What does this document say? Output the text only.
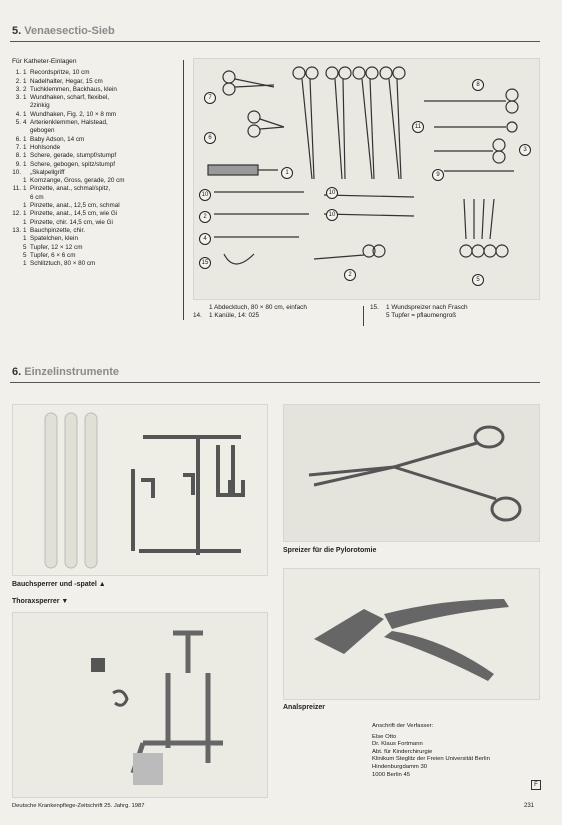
5. Venaesectio-Sieb
Für Katheter-Einlagen
1. 1 Recordspritze, 10 cm
2. 1 Nadelhalter, Hegar, 15 cm
3. 2 Tuchklemmen, Backhaus, klein
3. 1 Wundhaken, scharf, flexibel,
2zinkig
4. 1 Wundhaken, Fig. 2, 10 × 8 mm
5. 4 Arterienklemmen, Halstead,
gebogen
6. 1 Baby Adson, 14 cm
7. 1 Hohlsonde
8. 1 Schere, gerade, stumpf/stumpf
9. 1 Schere, gebogen, spitz/stumpf
10.	„Skalpellgriff
1 Kornzange, Gross, gerade, 20 cm
11. 1 Pinzette, anat., schmal/spitz,
6 cm
1 Pinzette, anat., 12,5 cm, schmal
12. 1 Pinzette, anat., 14,5 cm, wie Gi
1 Pinzette, chir. 14,5 cm, wie Gi
13. 1 Bauchpinzette, chir.
1 Spatelchen, klein
5 Tupfer, 12 × 12 cm
5 Tupfer, 6 × 6 cm
1 Schlitztuch, 80 × 80 cm
7
6
1
10
2
4
15
8
11
3
9
10
10
2
5
1 Abdecktuch, 80 × 80 cm, einfach
14.	1 Kanüle, 14: 025
15.	1 Wundspreizer nach Frasch
5 Tupfer = pflaumengroß
6. Einzelinstrumente
Bauchsperrer und -spatel ▲
Thoraxsperrer ▼
Spreizer für die Pylorotomie
Analspreizer
Anschrift der Verfasser:
Else Otto
Dr. Klaus Fortmann
Abt. für Kinderchirurgie
Klinikum Steglitz der Freien Universität Berlin
Hindenburgdamm 30
1000 Berlin 45
F
Deutsche Krankenpflege-Zeitschrift 25. Jahrg. 1987	231
